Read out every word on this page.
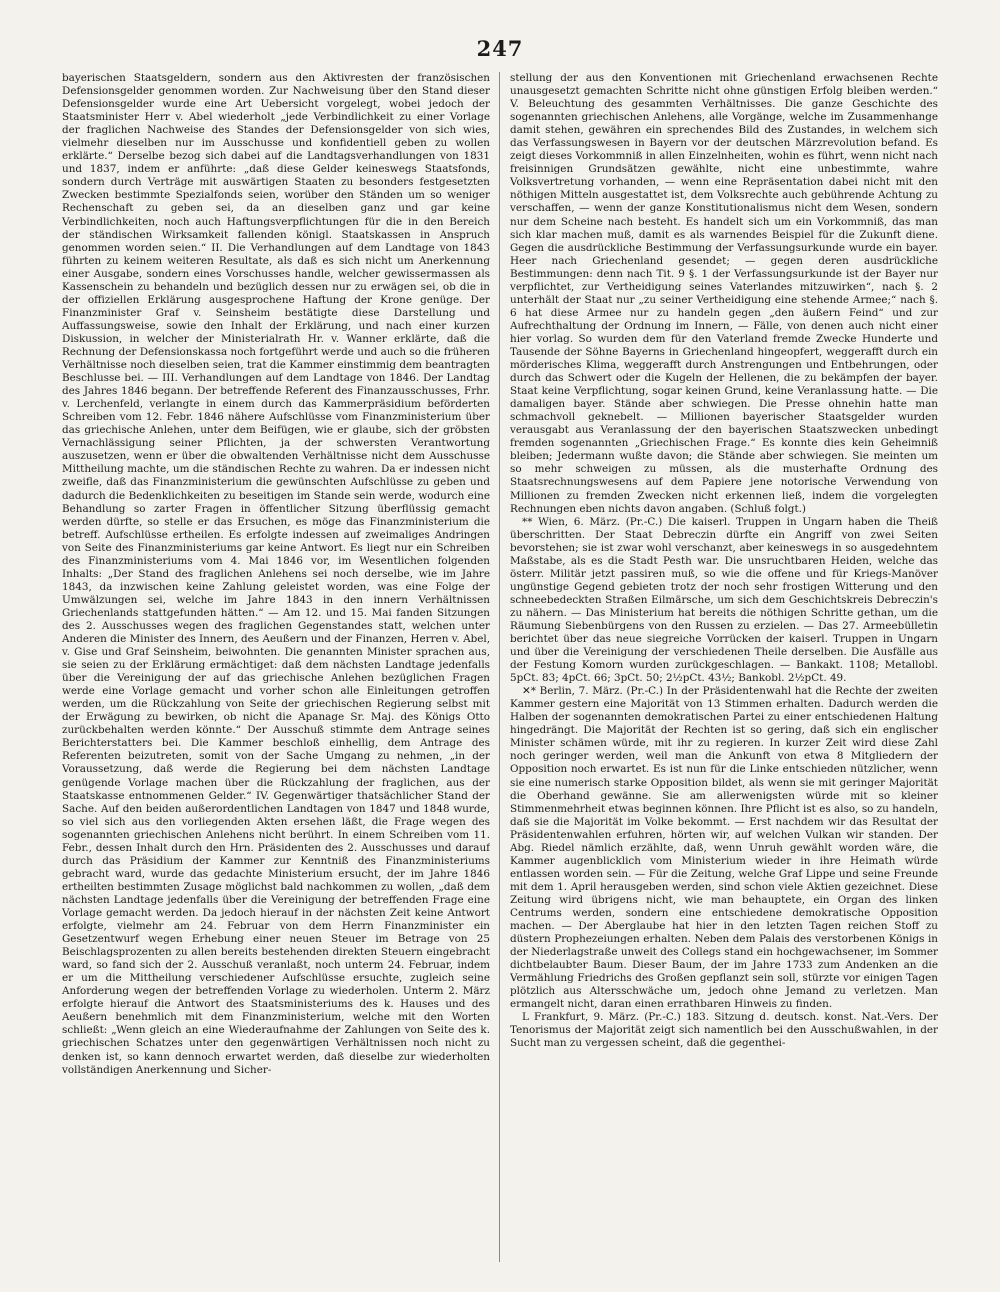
247

bayerischen Staatsgeldern, sondern aus den Aktivresten der französischen Defensionsgelder genommen worden. Zur Nachweisung über den Stand dieser Defensionsgelder wurde eine Art Uebersicht vorgelegt, wobei jedoch der Staatsminister Herr v. Abel wiederholt „jede Verbindlichkeit zu einer Vorlage der fraglichen Nachweise des Standes der Defensionsgelder von sich wies, vielmehr dieselben nur im Ausschusse und konfidentiell geben zu wollen erklärte.“ Derselbe bezog sich dabei auf die Landtagsverhandlungen von 1831 und 1837, indem er anführte: „daß diese Gelder keineswegs Staatsfonds, sondern durch Verträge mit auswärtigen Staaten zu besonders festgesetzten Zwecken bestimmte Spezialfonds seien, worüber den Ständen um so weniger Rechenschaft zu geben sei, da an dieselben ganz und gar keine Verbindlichkeiten, noch auch Haftungsverpflichtungen für die in den Bereich der ständischen Wirksamkeit fallenden königl. Staatskassen in Anspruch genommen worden seien.“ II. Die Verhandlungen auf dem Landtage von 1843 führten zu keinem weiteren Resultate, als daß es sich nicht um Anerkennung einer Ausgabe, sondern eines Vorschusses handle, welcher gewissermassen als Kassenschein zu behandeln und bezüglich dessen nur zu erwägen sei, ob die in der offiziellen Erklärung ausgesprochene Haftung der Krone genüge. Der Finanzminister Graf v. Seinsheim bestätigte diese Darstellung und Auffassungsweise, sowie den Inhalt der Erklärung, und nach einer kurzen Diskussion, in welcher der Ministerialrath Hr. v. Wanner erklärte, daß die Rechnung der Defensionskassa noch fortgeführt werde und auch so die früheren Verhältnisse noch dieselben seien, trat die Kammer einstimmig dem beantragten Beschlusse bei. — III. Verhandlungen auf dem Landtage von 1846. Der Landtag des Jahres 1846 begann. Der betreffende Referent des Finanzausschusses, Frhr. v. Lerchenfeld, verlangte in einem durch das Kammerpräsidium beförderten Schreiben vom 12. Febr. 1846 nähere Aufschlüsse vom Finanzministerium über das griechische Anlehen, unter dem Beifügen, wie er glaube, sich der gröbsten Vernachlässigung seiner Pflichten, ja der schwersten Verantwortung auszusetzen, wenn er über die obwaltenden Verhältnisse nicht dem Ausschusse Mittheilung machte, um die ständischen Rechte zu wahren. Da er indessen nicht zweifle, daß das Finanzministerium die gewünschten Aufschlüsse zu geben und dadurch die Bedenklichkeiten zu beseitigen im Stande sein werde, wodurch eine Behandlung so zarter Fragen in öffentlicher Sitzung überflüssig gemacht werden dürfte, so stelle er das Ersuchen, es möge das Finanzministerium die betreff. Aufschlüsse ertheilen. Es erfolgte indessen auf zweimaliges Andringen von Seite des Finanzministeriums gar keine Antwort. Es liegt nur ein Schreiben des Finanzministeriums vom 4. Mai 1846 vor, im Wesentlichen folgenden Inhalts: „Der Stand des fraglichen Anlehens sei noch derselbe, wie im Jahre 1843, da inzwischen keine Zahlung geleistet worden, was eine Folge der Umwälzungen sei, welche im Jahre 1843 in den innern Verhältnissen Griechenlands stattgefunden hätten.“ — Am 12. und 15. Mai fanden Sitzungen des 2. Ausschusses wegen des fraglichen Gegenstandes statt, welchen unter Anderen die Minister des Innern, des Aeußern und der Finanzen, Herren v. Abel, v. Gise und Graf Seinsheim, beiwohnten. Die genannten Minister sprachen aus, sie seien zu der Erklärung ermächtiget: daß dem nächsten Landtage jedenfalls über die Vereinigung der auf das griechische Anlehen bezüglichen Fragen werde eine Vorlage gemacht und vorher schon alle Einleitungen getroffen werden, um die Rückzahlung von Seite der griechischen Regierung selbst mit der Erwägung zu bewirken, ob nicht die Apanage Sr. Maj. des Königs Otto zurückbehalten werden könnte.“ Der Ausschuß stimmte dem Antrage seines Berichterstatters bei. Die Kammer beschloß einhellig, dem Antrage des Referenten beizutreten, somit von der Sache Umgang zu nehmen, „in der Voraussetzung, daß werde die Regierung bei dem nächsten Landtage genügende Vorlage machen über die Rückzahlung der fraglichen, aus der Staatskasse entnommenen Gelder.“ IV. Gegenwärtiger thatsächlicher Stand der Sache. Auf den beiden außerordentlichen Landtagen von 1847 und 1848 wurde, so viel sich aus den vorliegenden Akten ersehen läßt, die Frage wegen des sogenannten griechischen Anlehens nicht berührt. In einem Schreiben vom 11. Febr., dessen Inhalt durch den Hrn. Präsidenten des 2. Ausschusses und darauf durch das Präsidium der Kammer zur Kenntniß des Finanzministeriums gebracht ward, wurde das gedachte Ministerium ersucht, der im Jahre 1846 ertheilten bestimmten Zusage möglichst bald nachkommen zu wollen, „daß dem nächsten Landtage jedenfalls über die Vereinigung der betreffenden Frage eine Vorlage gemacht werden. Da jedoch hierauf in der nächsten Zeit keine Antwort erfolgte, vielmehr am 24. Februar von dem Herrn Finanzminister ein Gesetzentwurf wegen Erhebung einer neuen Steuer im Betrage von 25 Beischlagsprozenten zu allen bereits bestehenden direkten Steuern eingebracht ward, so fand sich der 2. Ausschuß veranlaßt, noch unterm 24. Februar, indem er um die Mittheilung verschiedener Aufschlüsse ersuchte, zugleich seine Anforderung wegen der betreffenden Vorlage zu wiederholen. Unterm 2. März erfolgte hierauf die Antwort des Staatsministeriums des k. Hauses und des Aeußern benehmlich mit dem Finanzministerium, welche mit den Worten schließt: „Wenn gleich an eine Wiederaufnahme der Zahlungen von Seite des k. griechischen Schatzes unter den gegenwärtigen Verhältnissen noch nicht zu denken ist, so kann dennoch erwartet werden, daß dieselbe zur wiederholten vollständigen Anerkennung und Sicher-

stellung der aus den Konventionen mit Griechenland erwachsenen Rechte unausgesetzt gemachten Schritte nicht ohne günstigen Erfolg bleiben werden.“ V. Beleuchtung des gesammten Verhältnisses. Die ganze Geschichte des sogenannten griechischen Anlehens, alle Vorgänge, welche im Zusammenhange damit stehen, gewähren ein sprechendes Bild des Zustandes, in welchem sich das Verfassungswesen in Bayern vor der deutschen Märzrevolution befand. Es zeigt dieses Vorkommniß in allen Einzelnheiten, wohin es führt, wenn nicht nach freisinnigen Grundsätzen gewählte, nicht eine unbestimmte, wahre Volksvertretung vorhanden, — wenn eine Repräsentation dabei nicht mit den nöthigen Mitteln ausgestattet ist, dem Volksrechte auch gebührende Achtung zu verschaffen, — wenn der ganze Konstitutionalismus nicht dem Wesen, sondern nur dem Scheine nach besteht. Es handelt sich um ein Vorkommniß, das man sich klar machen muß, damit es als warnendes Beispiel für die Zukunft diene. Gegen die ausdrückliche Bestimmung der Verfassungsurkunde wurde ein bayer. Heer nach Griechenland gesendet; — gegen deren ausdrückliche Bestimmungen: denn nach Tit. 9 §. 1 der Verfassungsurkunde ist der Bayer nur verpflichtet, zur Vertheidigung seines Vaterlandes mitzuwirken“, nach §. 2 unterhält der Staat nur „zu seiner Vertheidigung eine stehende Armee;“ nach §. 6 hat diese Armee nur zu handeln gegen „den äußern Feind“ und zur Aufrechthaltung der Ordnung im Innern, — Fälle, von denen auch nicht einer hier vorlag. So wurden dem für den Vaterland fremde Zwecke Hunderte und Tausende der Söhne Bayerns in Griechenland hingeopfert, weggerafft durch ein mörderisches Klima, weggerafft durch Anstrengungen und Entbehrungen, oder durch das Schwert oder die Kugeln der Hellenen, die zu bekämpfen der bayer. Staat keine Verpflichtung, sogar keinen Grund, keine Veranlassung hatte. — Die damaligen bayer. Stände aber schwiegen. Die Presse ohnehin hatte man schmachvoll geknebelt. — Millionen bayerischer Staatsgelder wurden verausgabt aus Veranlassung der den bayerischen Staatszwecken unbedingt fremden sogenannten „Griechischen Frage.“ Es konnte dies kein Geheimniß bleiben; Jedermann wußte davon; die Stände aber schwiegen. Sie meinten um so mehr schweigen zu müssen, als die musterhafte Ordnung des Staatsrechnungswesens auf dem Papiere jene notorische Verwendung von Millionen zu fremden Zwecken nicht erkennen ließ, indem die vorgelegten Rechnungen eben nichts davon angaben. (Schluß folgt.)

** Wien, 6. März. (Pr.-C.) Die kaiserl. Truppen in Ungarn haben die Theiß überschritten. Der Staat Debreczin dürfte ein Angriff von zwei Seiten bevorstehen; sie ist zwar wohl verschanzt, aber keineswegs in so ausgedehntem Maßstabe, als es die Stadt Pesth war. Die unsruchtbaren Heiden, welche das österr. Militär jetzt passiren muß, so wie die offene und für Kriegs-Manöver ungünstige Gegend gebieten trotz der noch sehr frostigen Witterung und den schneebedeckten Straßen Eilmärsche, um sich dem Geschichtskreis Debreczin's zu nähern. — Das Ministerium hat bereits die nöthigen Schritte gethan, um die Räumung Siebenbürgens von den Russen zu erzielen. — Das 27. Armeebülletin berichtet über das neue siegreiche Vorrücken der kaiserl. Truppen in Ungarn und über die Vereinigung der verschiedenen Theile derselben. Die Ausfälle aus der Festung Komorn wurden zurückgeschlagen. — Bankakt. 1108; Metallobl. 5pCt. 83; 4pCt. 66; 3pCt. 50; 2½pCt. 43½; Bankobl. 2½pCt. 49.

✕* Berlin, 7. März. (Pr.-C.) In der Präsidentenwahl hat die Rechte der zweiten Kammer gestern eine Majorität von 13 Stimmen erhalten. Dadurch werden die Halben der sogenannten demokratischen Partei zu einer entschiedenen Haltung hingedrängt. Die Majorität der Rechten ist so gering, daß sich ein englischer Minister schämen würde, mit ihr zu regieren. In kurzer Zeit wird diese Zahl noch geringer werden, weil man die Ankunft von etwa 8 Mitgliedern der Opposition noch erwartet. Es ist nun für die Linke entschieden nützlicher, wenn sie eine numerisch starke Opposition bildet, als wenn sie mit geringer Majorität die Oberhand gewänne. Sie am allerwenigsten würde mit so kleiner Stimmenmehrheit etwas beginnen können. Ihre Pflicht ist es also, so zu handeln, daß sie die Majorität im Volke bekommt. — Erst nachdem wir das Resultat der Präsidentenwahlen erfuhren, hörten wir, auf welchen Vulkan wir standen. Der Abg. Riedel nämlich erzählte, daß, wenn Unruh gewählt worden wäre, die Kammer augenblicklich vom Ministerium wieder in ihre Heimath würde entlassen worden sein. — Für die Zeitung, welche Graf Lippe und seine Freunde mit dem 1. April herausgeben werden, sind schon viele Aktien gezeichnet. Diese Zeitung wird übrigens nicht, wie man behauptete, ein Organ des linken Centrums werden, sondern eine entschiedene demokratische Opposition machen. — Der Aberglaube hat hier in den letzten Tagen reichen Stoff zu düstern Prophezeiungen erhalten. Neben dem Palais des verstorbenen Königs in der Niederlagstraße unweit des Collegs stand ein hochgewachsener, im Sommer dichtbelaubter Baum. Dieser Baum, der im Jahre 1733 zum Andenken an die Vermählung Friedrichs des Großen gepflanzt sein soll, stürzte vor einigen Tagen plötzlich aus Altersschwäche um, jedoch ohne Jemand zu verletzen. Man ermangelt nicht, daran einen errathbaren Hinweis zu finden.

L Frankfurt, 9. März. (Pr.-C.) 183. Sitzung d. deutsch. konst. Nat.-Vers. Der Tenorismus der Majorität zeigt sich namentlich bei den Ausschußwahlen, in der Sucht man zu vergessen scheint, daß die gegenthei-
